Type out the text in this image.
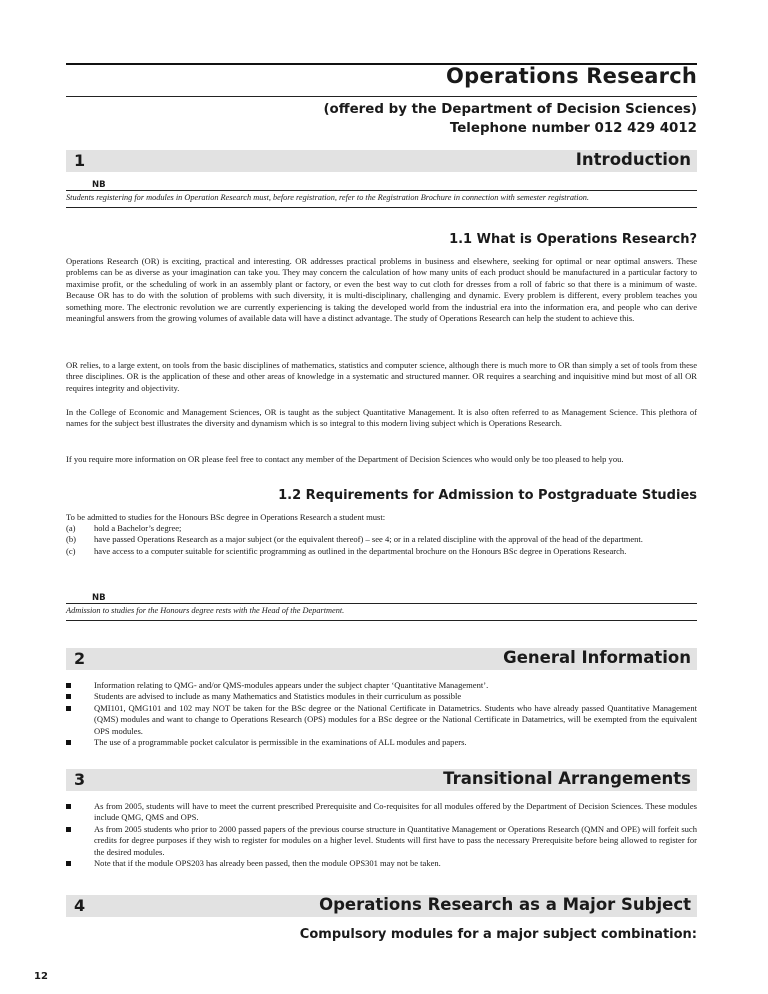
Operations Research
(offered by the Department of Decision Sciences)
Telephone number 012 429 4012
1	Introduction
NB
Students registering for modules in Operation Research must, before registration, refer to the Registration Brochure in connection with semester registration.
1.1 What is Operations Research?
Operations Research (OR) is exciting, practical and interesting. OR addresses practical problems in business and elsewhere, seeking for optimal or near optimal answers. These problems can be as diverse as your imagination can take you. They may concern the calculation of how many units of each product should be manufactured in a particular factory to maximise profit, or the scheduling of work in an assembly plant or factory, or even the best way to cut cloth for dresses from a roll of fabric so that there is a minimum of waste. Because OR has to do with the solution of problems with such diversity, it is multi-disciplinary, challenging and dynamic. Every problem is different, every problem teaches you something more. The electronic revolution we are currently experiencing is taking the developed world from the industrial era into the information era, and people who can derive meaningful answers from the growing volumes of available data will have a distinct advantage. The study of Operations Research can help the student to achieve this.
OR relies, to a large extent, on tools from the basic disciplines of mathematics, statistics and computer science, although there is much more to OR than simply a set of tools from these three disciplines. OR is the application of these and other areas of knowledge in a systematic and structured manner. OR requires a searching and inquisitive mind but most of all OR requires integrity and objectivity.
In the College of Economic and Management Sciences, OR is taught as the subject Quantitative Management. It is also often referred to as Management Science. This plethora of names for the subject best illustrates the diversity and dynamism which is so integral to this modern living subject which is Operations Research.
If you require more information on OR please feel free to contact any member of the Department of Decision Sciences who would only be too pleased to help you.
1.2 Requirements for Admission to Postgraduate Studies
To be admitted to studies for the Honours BSc degree in Operations Research a student must:
(a) hold a Bachelor’s degree;
(b) have passed Operations Research as a major subject (or the equivalent thereof) – see 4; or in a related discipline with the approval of the head of the department.
(c) have access to a computer suitable for scientific programming as outlined in the departmental brochure on the Honours BSc degree in Operations Research.
NB
Admission to studies for the Honours degree rests with the Head of the Department.
2	General Information
Information relating to QMG- and/or QMS-modules appears under the subject chapter ‘Quantitative Management’.
Students are advised to include as many Mathematics and Statistics modules in their curriculum as possible
QMI101, QMG101 and 102 may NOT be taken for the BSc degree or the National Certificate in Datametrics. Students who have already passed Quantitative Management (QMS) modules and want to change to Operations Research (OPS) modules for a BSc degree or the National Certificate in Datametrics, will be exempted from the equivalent OPS modules.
The use of a programmable pocket calculator is permissible in the examinations of ALL modules and papers.
3	Transitional Arrangements
As from 2005, students will have to meet the current prescribed Prerequisite and Co-requisites for all modules offered by the Department of Decision Sciences. These modules include QMG, QMS and OPS.
As from 2005 students who prior to 2000 passed papers of the previous course structure in Quantitative Management or Operations Research (QMN and OPE) will forfeit such credits for degree purposes if they wish to register for modules on a higher level. Students will first have to pass the necessary Prerequisite before being allowed to register for the desired modules.
Note that if the module OPS203 has already been passed, then the module OPS301 may not be taken.
4	Operations Research as a Major Subject
Compulsory modules for a major subject combination:
12
